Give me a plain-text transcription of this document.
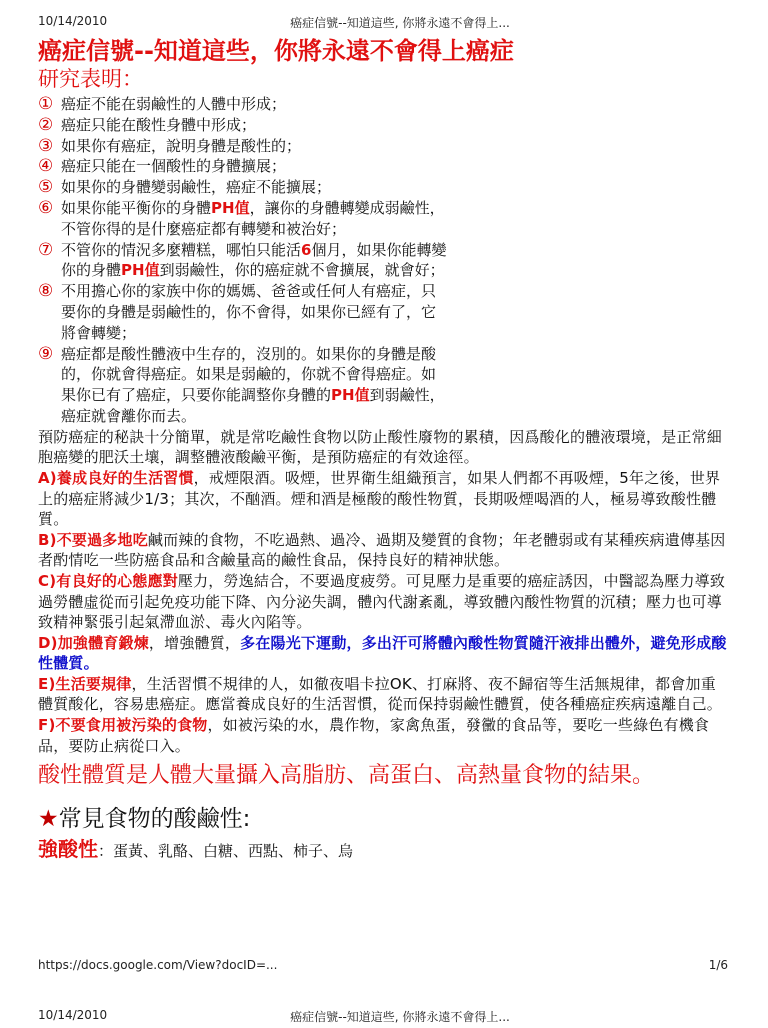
10/14/2010	癌症信號--知道這些, 你將永遠不會得上...
癌症信號--知道這些，你將永遠不會得上癌症

研究表明：

① 癌症不能在弱鹼性的人體中形成；
② 癌症只能在酸性身體中形成；
③ 如果你有癌症，說明身體是酸性的；
④ 癌症只能在一個酸性的身體擴展；
⑤ 如果你的身體變弱鹼性，癌症不能擴展；
⑥ 如果你能平衡你的身體PH值，讓你的身體轉變成弱鹼性，不管你得的是什麼癌症都有轉變和被治好；
⑦ 不管你的情況多麼糟糕，哪怕只能活6個月，如果你能轉變你的身體PH值到弱鹼性，你的癌症就不會擴展，就會好；
⑧ 不用擔心你的家族中你的媽媽、爸爸或任何人有癌症，只要你的身體是弱鹼性的，你不會得，如果你已經有了，它將會轉變；
⑨ 癌症都是酸性體液中生存的，沒別的。如果你的身體是酸的，你就會得癌症。如果是弱鹼的，你就不會得癌症。如果你已有了癌症，只要你能調整你身體的PH值到弱鹼性，癌症就會離你而去。

預防癌症的秘訣十分簡單，就是常吃鹼性食物以防止酸性廢物的累積，因爲酸化的體液環境，是正常細胞癌變的肥沃土壤，調整體液酸鹼平衡，是預防癌症的有效途徑。

A)養成良好的生活習慣，戒煙限酒。吸煙，世界衛生組織預言，如果人們都不再吸煙，5年之後，世界上的癌症將減少1/3；其次，不酗酒。煙和酒是極酸的酸性物質，長期吸煙喝酒的人，極易導致酸性體質。

B)不要過多地吃鹹而辣的食物，不吃過熱、過冷、過期及變質的食物；年老體弱或有某種疾病遺傳基因者酌情吃一些防癌食品和含鹼量高的鹼性食品，保持良好的精神狀態。

C)有良好的心態應對壓力，勞逸結合，不要過度疲勞。可見壓力是重要的癌症誘因，中醫認為壓力導致過勞體虛從而引起免疫功能下降、內分泌失調，體內代謝紊亂，導致體內酸性物質的沉積；壓力也可導致精神緊張引起氣滯血淤、毒火內陷等。

D)加強體育鍛煉，增強體質，多在陽光下運動，多出汗可將體內酸性物質隨汗液排出體外，避免形成酸性體質。

E)生活要規律，生活習慣不規律的人，如徹夜唱卡拉OK、打麻將、夜不歸宿等生活無規律，都會加重體質酸化，容易患癌症。應當養成良好的生活習慣，從而保持弱鹼性體質，使各種癌症疾病遠離自己。

F)不要食用被污染的食物，如被污染的水，農作物，家禽魚蛋，發黴的食品等，要吃一些綠色有機食品，要防止病從口入。

酸性體質是人體大量攝入高脂肪、高蛋白、高熱量食物的結果。

★常見食物的酸鹼性:

強酸性：蛋黃、乳酪、白糖、西點、柿子、烏

https://docs.google.com/View?docID=...	1/6
10/14/2010	癌症信號--知道這些, 你將永遠不會得上...
